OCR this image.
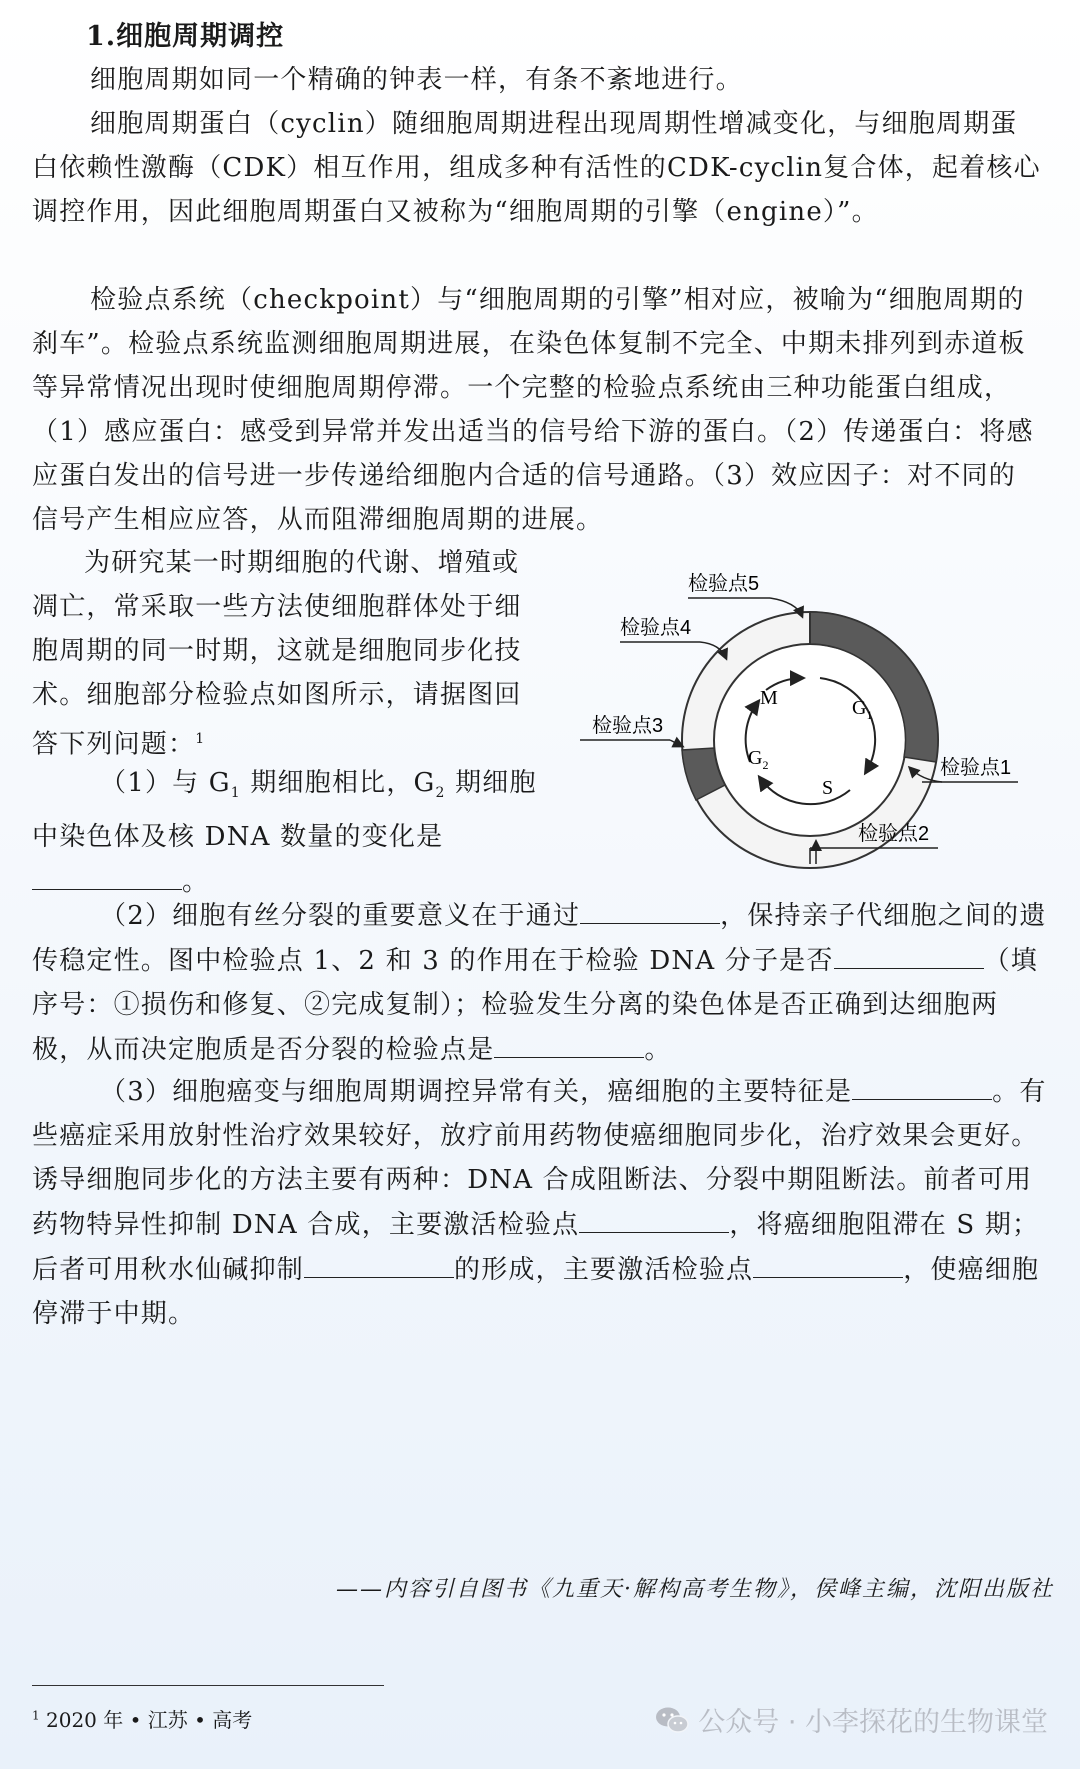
1.细胞周期调控
细胞周期如同一个精确的钟表一样，有条不紊地进行。
细胞周期蛋白（cyclin）随细胞周期进程出现周期性增减变化，与细胞周期蛋白依赖性激酶（CDK）相互作用，组成多种有活性的CDK-cyclin复合体，起着核心调控作用，因此细胞周期蛋白又被称为“细胞周期的引擎（engine）”。
检验点系统（checkpoint）与“细胞周期的引擎”相对应，被喻为“细胞周期的刹车”。检验点系统监测细胞周期进展，在染色体复制不完全、中期未排列到赤道板等异常情况出现时使细胞周期停滞。一个完整的检验点系统由三种功能蛋白组成，（1）感应蛋白：感受到异常并发出适当的信号给下游的蛋白。（2）传递蛋白：将感应蛋白发出的信号进一步传递给细胞内合适的信号通路。（3）效应因子：对不同的信号产生相应应答，从而阻滞细胞周期的进展。
为研究某一时期细胞的代谢、增殖或凋亡，常采取一些方法使细胞群体处于细胞周期的同一时期，这就是细胞同步化技术。细胞部分检验点如图所示，请据图回答下列问题：$^1$
（1）与 $G_1$ 期细胞相比，$G_2$ 期细胞中染色体及核 DNA 数量的变化是
。
（2）细胞有丝分裂的重要意义在于通过	，保持亲子代细胞之间的遗传稳定性。图中检验点 1、2 和 3 的作用在于检验 DNA 分子是否	（填序号：①损伤和修复、②完成复制）；检验发生分离的染色体是否正确到达细胞两极，从而决定胞质是否分裂的检验点是	。
（3）细胞癌变与细胞周期调控异常有关，癌细胞的主要特征是	。有些癌症采用放射性治疗效果较好，放疗前用药物使癌细胞同步化，治疗效果会更好。诱导细胞同步化的方法主要有两种：DNA 合成阻断法、分裂中期阻断法。前者可用药物特异性抑制 DNA 合成，主要激活检验点	，将癌细胞阻滞在 S 期；后者可用秋水仙碱抑制	的形成，主要激活检验点	，使癌细胞停滞于中期。
M	$G_1$
$G_2$
S
检验点5
检验点4
检验点3
检验点1
检验点2
——内容引自图书《九重天·解构高考生物》，侯峰主编，沈阳出版社
$^1$ 2020 年 • 江苏 • 高考	公众号 · 小李探花的生物课堂
